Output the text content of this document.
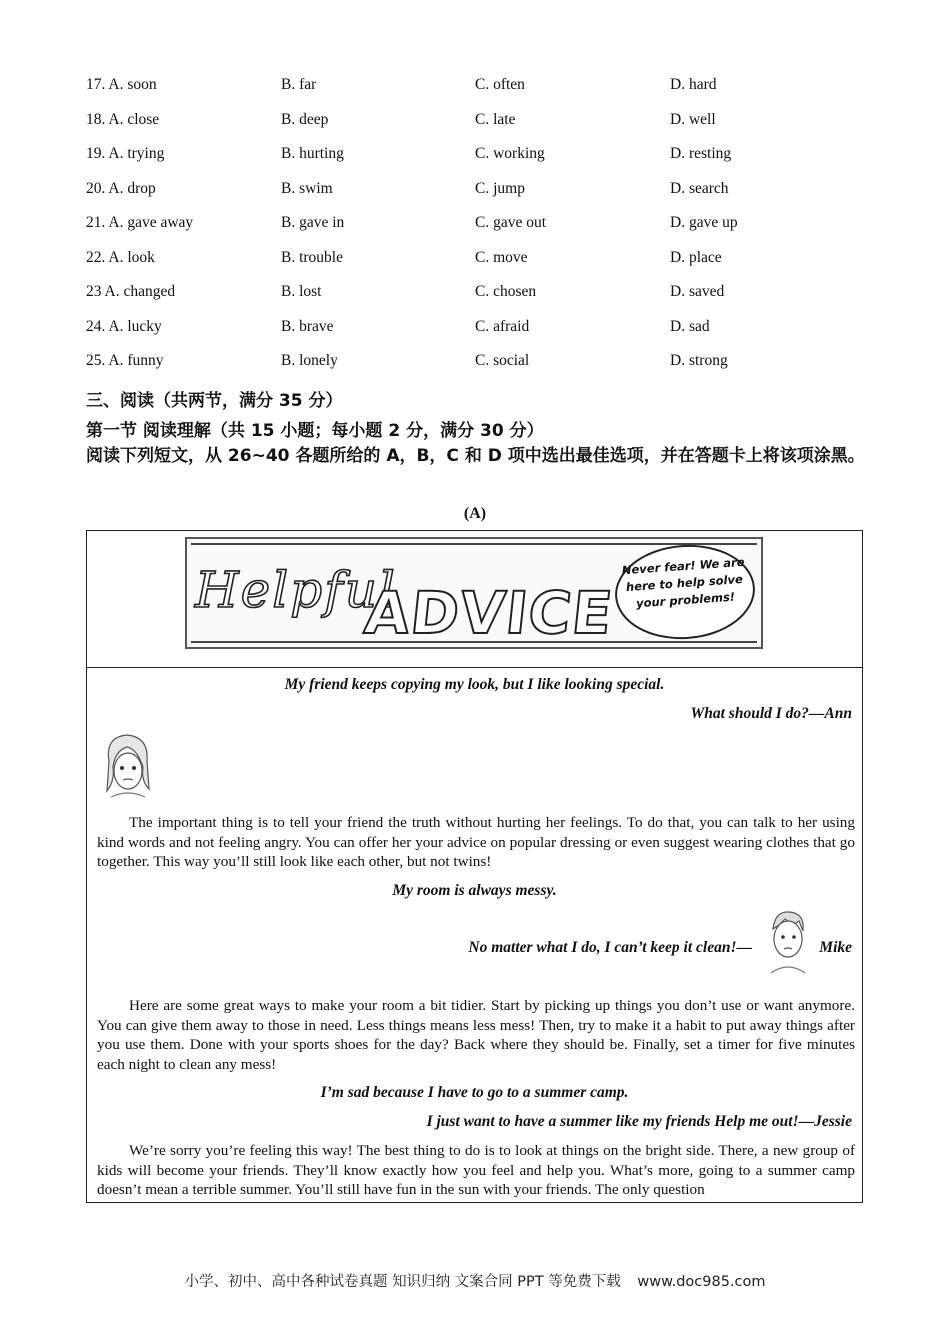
17. A. soon	B. far	C. often	D. hard
18. A. close	B. deep	C. late	D. well
19. A. trying	B. hurting	C. working	D. resting
20. A. drop	B. swim	C. jump	D. search
21. A. gave away	B. gave in	C. gave out	D. gave up
22. A. look	B. trouble	C. move	D. place
23 A. changed	B. lost	C. chosen	D. saved
24. A. lucky	B. brave	C. afraid	D. sad
25. A. funny	B. lonely	C. social	D. strong
三、阅读（共两节，满分 35 分）
第一节 阅读理解（共 15 小题；每小题 2 分，满分 30 分）
阅读下列短文，从 26~40 各题所给的 A，B，C 和 D 项中选出最佳选项，并在答题卡上将该项涂黑。
(A)
Helpful
ADVICE
Never fear! We are here to help solve your problems!
My friend keeps copying my look, but I like looking special.
What should I do?—Ann
The important thing is to tell your friend the truth without hurting her feelings. To do that, you can talk to her using kind words and not feeling angry. You can offer her your advice on popular dressing or even suggest wearing clothes that go together. This way you’ll still look like each other, but not twins!
My room is always messy.
No matter what I do, I can’t keep it clean!—	Mike
Here are some great ways to make your room a bit tidier. Start by picking up things you don’t use or want anymore. You can give them away to those in need. Less things means less mess! Then, try to make it a habit to put away things after you use them. Done with your sports shoes for the day? Back where they should be. Finally, set a timer for five minutes each night to clean any mess!
I’m sad because I have to go to a summer camp.
I just want to have a summer like my friends Help me out!—Jessie
We’re sorry you’re feeling this way! The best thing to do is to look at things on the bright side. There, a new group of kids will become your friends. They’ll know exactly how you feel and help you. What’s more, going to a summer camp doesn’t mean a terrible summer. You’ll still have fun in the sun with your friends. The only question
小学、初中、高中各种试卷真题 知识归纳 文案合同 PPT 等免费下载 www.doc985.com
